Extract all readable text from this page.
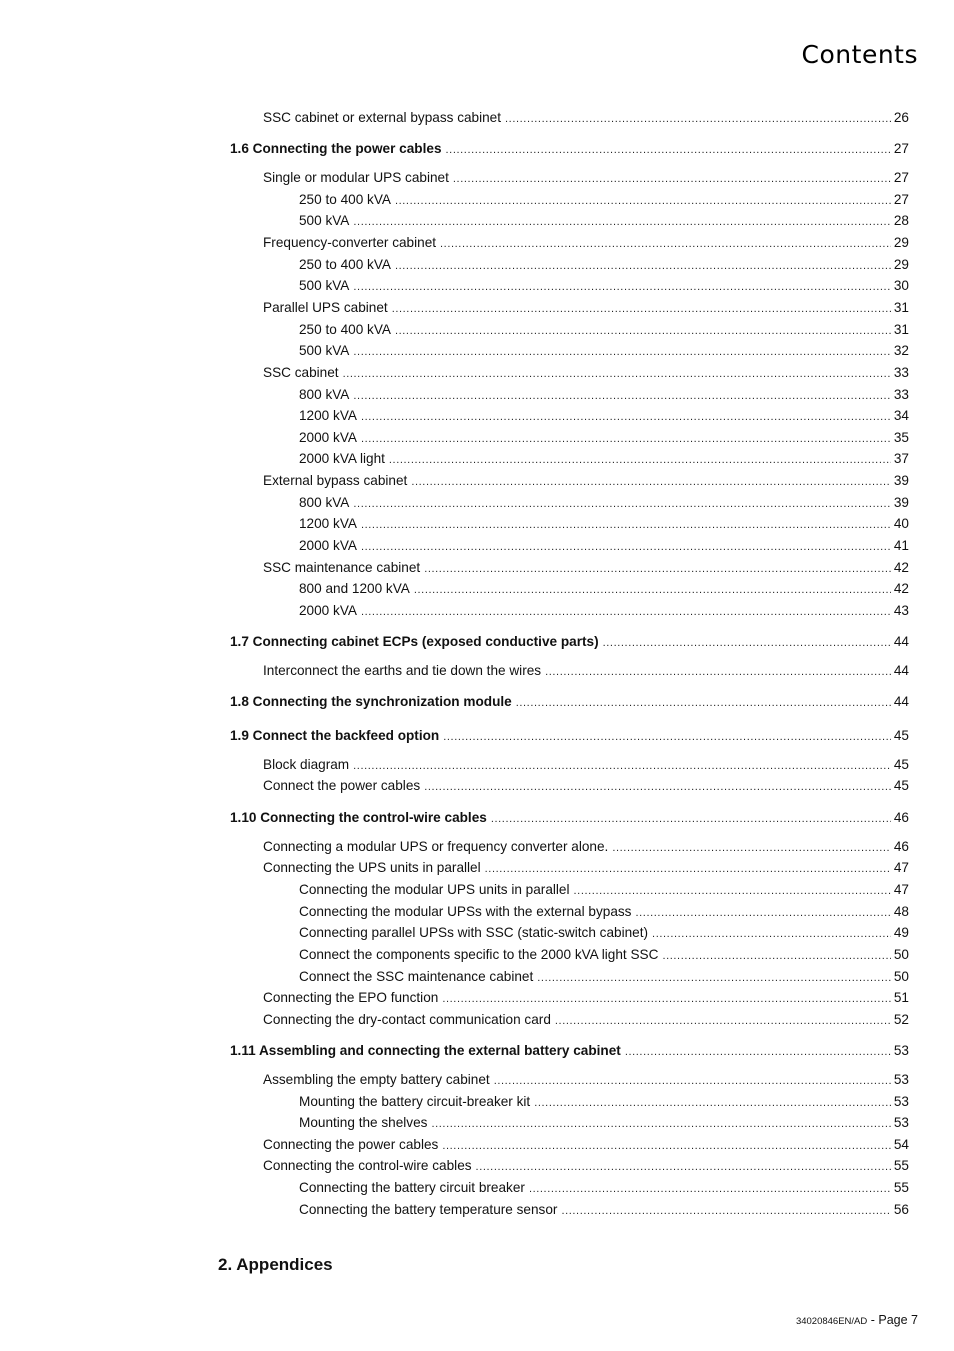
Contents
SSC cabinet or external bypass cabinet .....	26
1.6 Connecting the power cables .....	27
Single or modular UPS cabinet .....	27
250 to 400 kVA .....	27
500 kVA .....	28
Frequency-converter cabinet .....	29
250 to 400 kVA .....	29
500 kVA .....	30
Parallel UPS cabinet .....	31
250 to 400 kVA .....	31
500 kVA .....	32
SSC cabinet .....	33
800 kVA .....	33
1200 kVA .....	34
2000 kVA .....	35
2000 kVA light .....	37
External bypass cabinet .....	39
800 kVA .....	39
1200 kVA .....	40
2000 kVA .....	41
SSC maintenance cabinet .....	42
800 and 1200 kVA .....	42
2000 kVA .....	43
1.7 Connecting cabinet ECPs (exposed conductive parts) .....	44
Interconnect the earths and tie down the wires .....	44
1.8 Connecting the synchronization module .....	44
1.9 Connect the backfeed option .....	45
Block diagram .....	45
Connect the power cables .....	45
1.10 Connecting the control-wire cables .....	46
Connecting a modular UPS or frequency converter alone. .....	46
Connecting the UPS units in parallel .....	47
Connecting the modular UPS units in parallel .....	47
Connecting the modular UPSs with the external bypass .....	48
Connecting parallel UPSs with SSC (static-switch cabinet) .....	49
Connect the components specific to the 2000 kVA light SSC .....	50
Connect the SSC maintenance cabinet .....	50
Connecting the EPO function .....	51
Connecting the dry-contact communication card .....	52
1.11 Assembling and connecting the external battery cabinet .....	53
Assembling the empty battery cabinet .....	53
Mounting the battery circuit-breaker kit .....	53
Mounting the shelves .....	53
Connecting the power cables .....	54
Connecting the control-wire cables .....	55
Connecting the battery circuit breaker .....	55
Connecting the battery temperature sensor .....	56
2. Appendices
34020846EN/AD - Page 7
